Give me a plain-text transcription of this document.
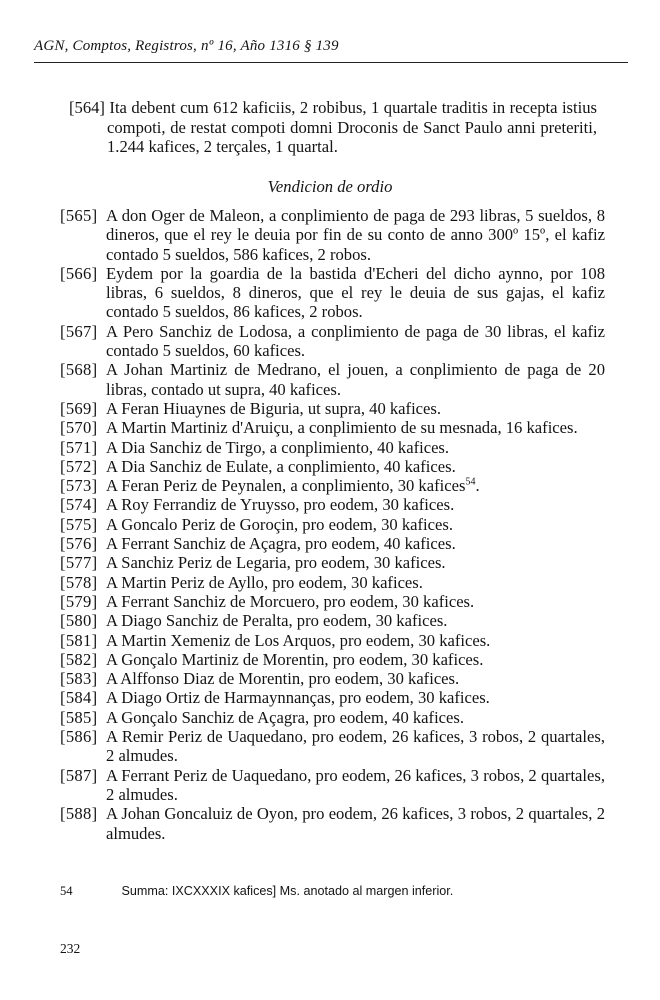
AGN, Comptos, Registros, nº 16, Año 1316 § 139
[564] Ita debent cum 612 kaficiis, 2 robibus, 1 quartale traditis in recepta istius compoti, de restat compoti domni Droconis de Sanct Paulo anni preteriti, 1.244 kafices, 2 terçales, 1 quartal.
Vendicion de ordio
[565] A don Oger de Maleon, a conplimiento de paga de 293 libras, 5 sueldos, 8 dineros, que el rey le deuia por fin de su conto de anno 300º 15º, el kafiz contado 5 sueldos, 586 kafices, 2 robos.
[566] Eydem por la goardia de la bastida d'Echeri del dicho aynno, por 108 libras, 6 sueldos, 8 dineros, que el rey le deuia de sus gajas, el kafiz contado 5 sueldos, 86 kafices, 2 robos.
[567] A Pero Sanchiz de Lodosa, a conplimiento de paga de 30 libras, el kafiz contado 5 sueldos, 60 kafices.
[568] A Johan Martiniz de Medrano, el jouen, a conplimiento de paga de 20 libras, contado ut supra, 40 kafices.
[569] A Feran Hiuaynes de Biguria, ut supra, 40 kafices.
[570] A Martin Martiniz d'Aruiçu, a conplimiento de su mesnada, 16 kafices.
[571] A Dia Sanchiz de Tirgo, a conplimiento, 40 kafices.
[572] A Dia Sanchiz de Eulate, a conplimiento, 40 kafices.
[573] A Feran Periz de Peynalen, a conplimiento, 30 kafices$^{54}$.
[574] A Roy Ferrandiz de Yruysso, pro eodem, 30 kafices.
[575] A Goncalo Periz de Goroçin, pro eodem, 30 kafices.
[576] A Ferrant Sanchiz de Açagra, pro eodem, 40 kafices.
[577] A Sanchiz Periz de Legaria, pro eodem, 30 kafices.
[578] A Martin Periz de Ayllo, pro eodem, 30 kafices.
[579] A Ferrant Sanchiz de Morcuero, pro eodem, 30 kafices.
[580] A Diago Sanchiz de Peralta, pro eodem, 30 kafices.
[581] A Martin Xemeniz de Los Arquos, pro eodem, 30 kafices.
[582] A Gonçalo Martiniz de Morentin, pro eodem, 30 kafices.
[583] A Alffonso Diaz de Morentin, pro eodem, 30 kafices.
[584] A Diago Ortiz de Harmaynnanças, pro eodem, 30 kafices.
[585] A Gonçalo Sanchiz de Açagra, pro eodem, 40 kafices.
[586] A Remir Periz de Uaquedano, pro eodem, 26 kafices, 3 robos, 2 quartales, 2 almudes.
[587] A Ferrant Periz de Uaquedano, pro eodem, 26 kafices, 3 robos, 2 quartales, 2 almudes.
[588] A Johan Goncaluiz de Oyon, pro eodem, 26 kafices, 3 robos, 2 quartales, 2 almudes.
54	Summa: IXCXXXIX kafices] Ms. anotado al margen inferior.
232
